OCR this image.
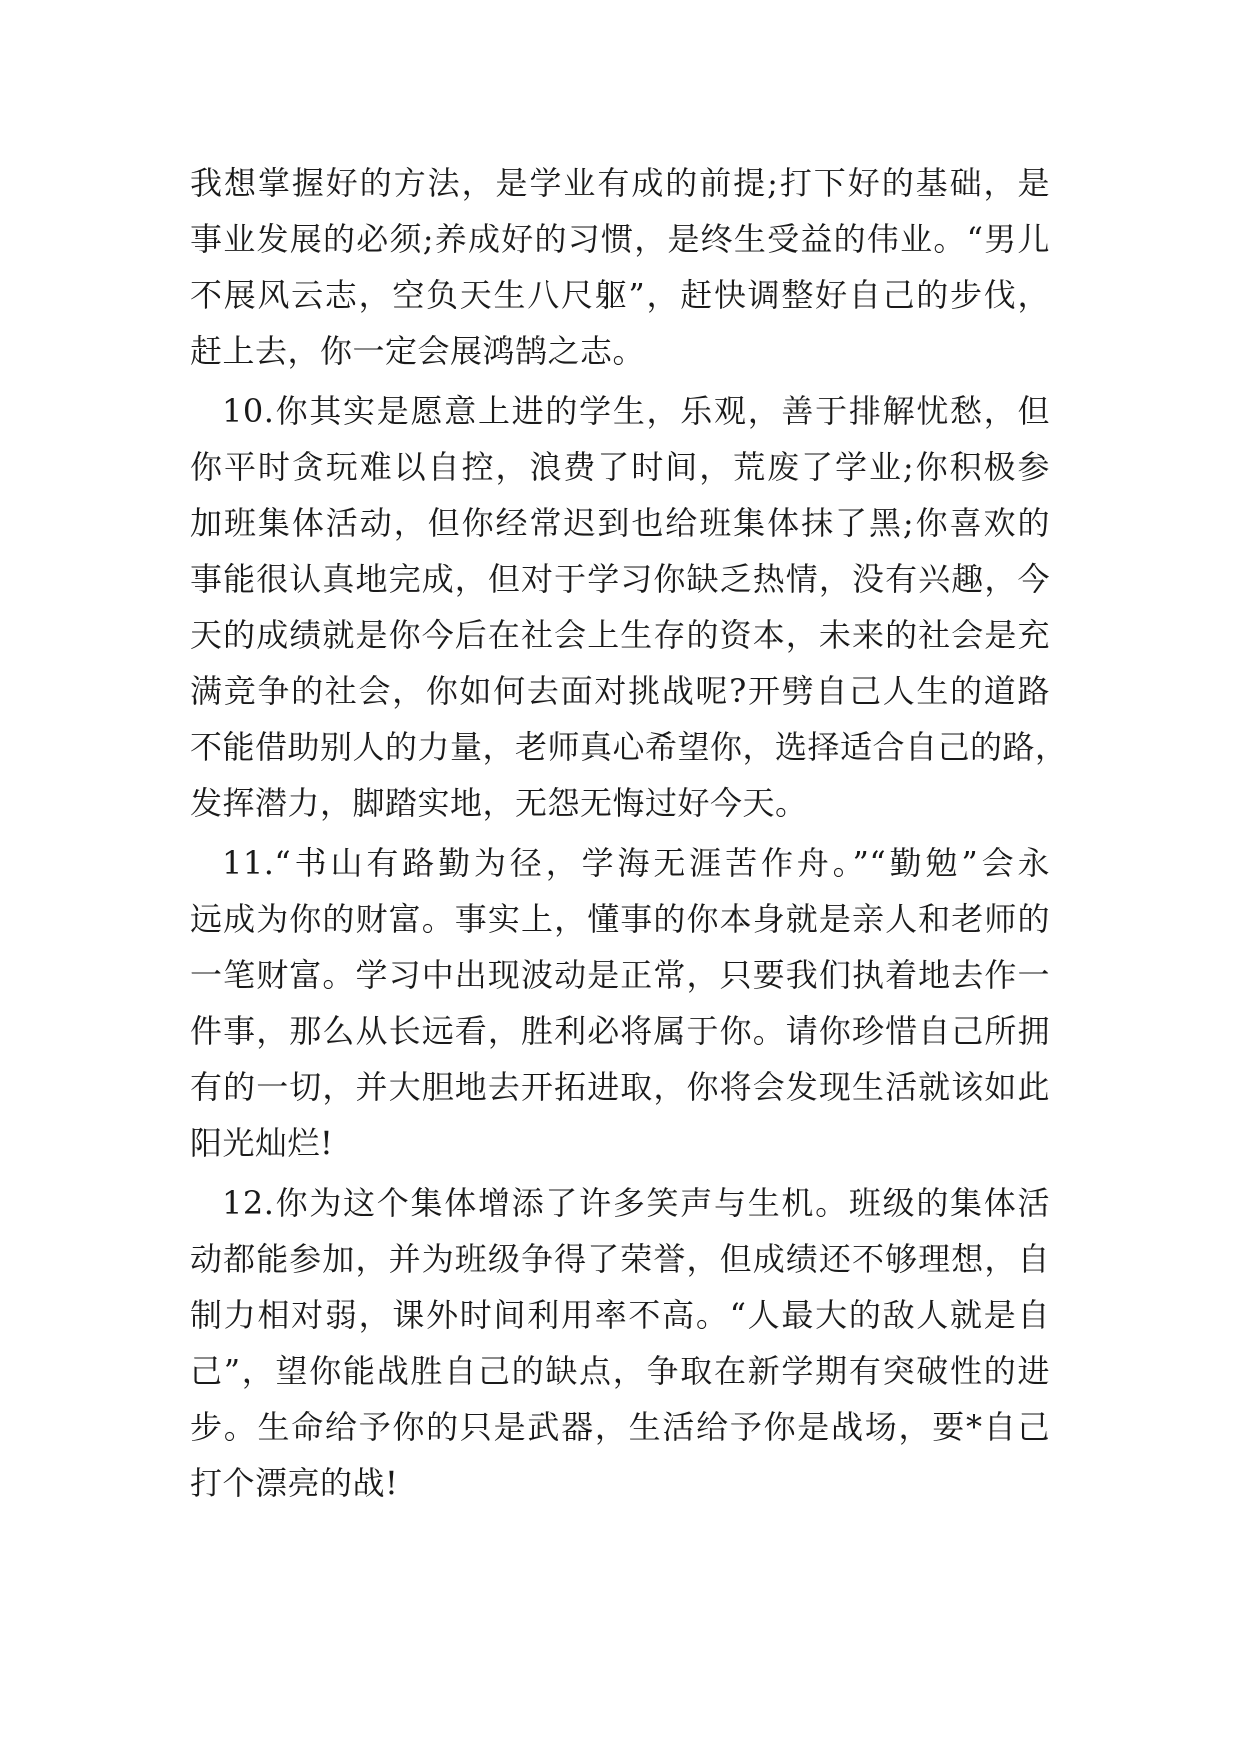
我想掌握好的方法，是学业有成的前提;打下好的基础，是
事业发展的必须;养成好的习惯，是终生受益的伟业。“男儿
不展风云志，空负天生八尺躯”，赶快调整好自己的步伐，
赶上去，你一定会展鸿鹄之志。
10.你其实是愿意上进的学生，乐观，善于排解忧愁，但
你平时贪玩难以自控，浪费了时间，荒废了学业;你积极参
加班集体活动，但你经常迟到也给班集体抹了黑;你喜欢的
事能很认真地完成，但对于学习你缺乏热情，没有兴趣，今
天的成绩就是你今后在社会上生存的资本，未来的社会是充
满竞争的社会，你如何去面对挑战呢?开劈自己人生的道路
不能借助别人的力量，老师真心希望你，选择适合自己的路，
发挥潜力，脚踏实地，无怨无悔过好今天。
11.“书山有路勤为径，学海无涯苦作舟。”“勤勉”会永
远成为你的财富。事实上，懂事的你本身就是亲人和老师的
一笔财富。学习中出现波动是正常，只要我们执着地去作一
件事，那么从长远看，胜利必将属于你。请你珍惜自己所拥
有的一切，并大胆地去开拓进取，你将会发现生活就该如此
阳光灿烂!
12.你为这个集体增添了许多笑声与生机。班级的集体活
动都能参加，并为班级争得了荣誉，但成绩还不够理想，自
制力相对弱，课外时间利用率不高。“人最大的敌人就是自
己”，望你能战胜自己的缺点，争取在新学期有突破性的进
步。生命给予你的只是武器，生活给予你是战场，要*自己
打个漂亮的战!
